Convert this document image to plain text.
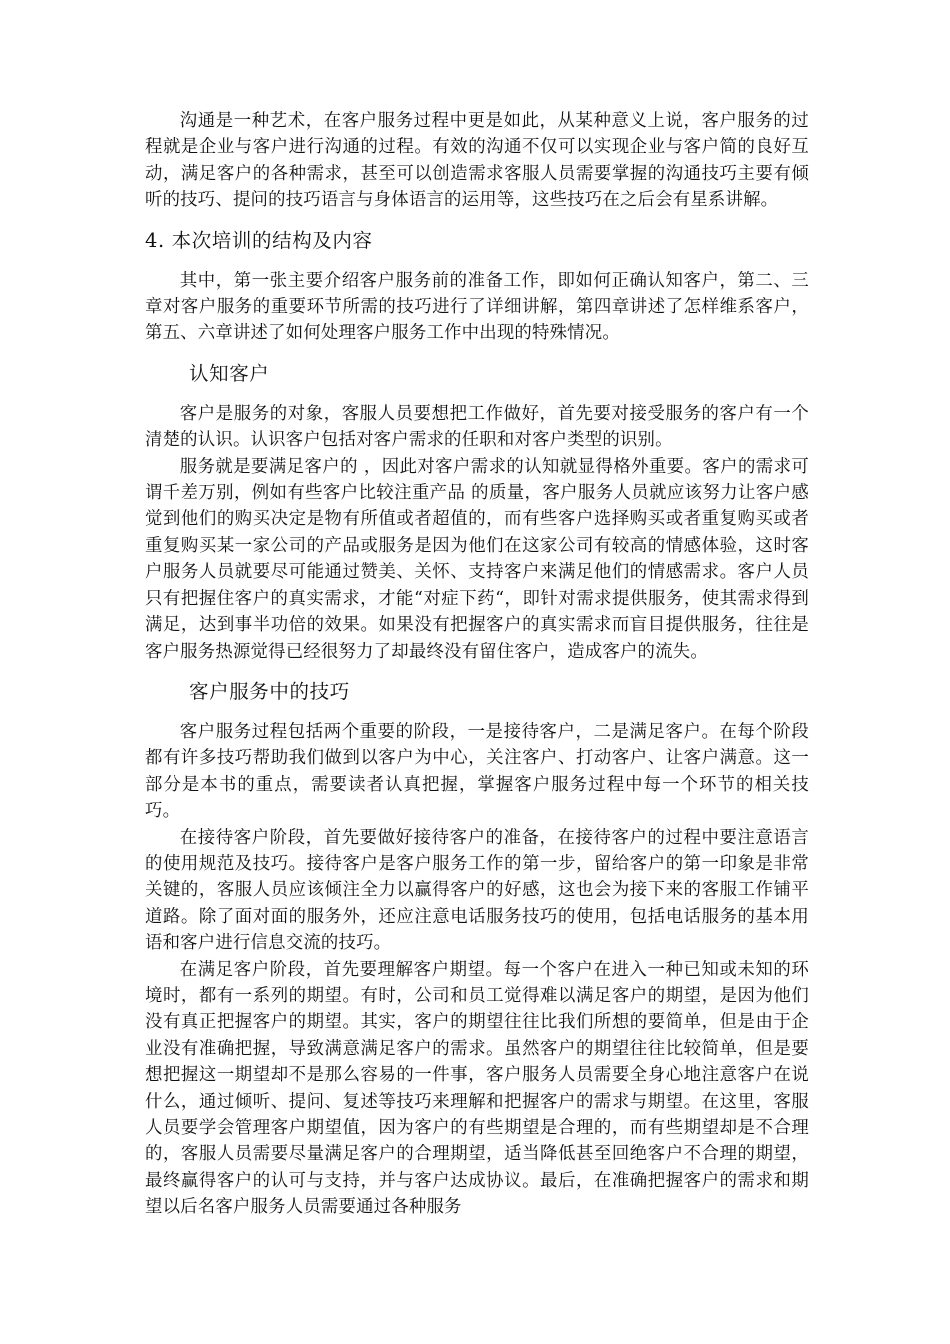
沟通是一种艺术，在客户服务过程中更是如此，从某种意义上说，客户服务的过程就是企业与客户进行沟通的过程。有效的沟通不仅可以实现企业与客户简的良好互动，满足客户的各种需求，甚至可以创造需求客服人员需要掌握的沟通技巧主要有倾听的技巧、提问的技巧语言与身体语言的运用等，这些技巧在之后会有星系讲解。

4. 本次培训的结构及内容

其中，第一张主要介绍客户服务前的准备工作，即如何正确认知客户，第二、三章对客户服务的重要环节所需的技巧进行了详细讲解，第四章讲述了怎样维系客户，第五、六章讲述了如何处理客户服务工作中出现的特殊情况。

认知客户

客户是服务的对象，客服人员要想把工作做好，首先要对接受服务的客户有一个清楚的认识。认识客户包括对客户需求的任职和对客户类型的识别。

服务就是要满足客户的 ，因此对客户需求的认知就显得格外重要。客户的需求可谓千差万别，例如有些客户比较注重产品 的质量，客户服务人员就应该努力让客户感觉到他们的购买决定是物有所值或者超值的，而有些客户选择购买或者重复购买或者重复购买某一家公司的产品或服务是因为他们在这家公司有较高的情感体验，这时客户服务人员就要尽可能通过赞美、关怀、支持客户来满足他们的情感需求。客户人员只有把握住客户的真实需求，才能“对症下药“，即针对需求提供服务，使其需求得到满足，达到事半功倍的效果。如果没有把握客户的真实需求而盲目提供服务，往往是客户服务热源觉得已经很努力了却最终没有留住客户，造成客户的流失。

客户服务中的技巧

客户服务过程包括两个重要的阶段，一是接待客户，二是满足客户。在每个阶段都有许多技巧帮助我们做到以客户为中心，关注客户、打动客户、让客户满意。这一部分是本书的重点，需要读者认真把握，掌握客户服务过程中每一个环节的相关技巧。

在接待客户阶段，首先要做好接待客户的准备，在接待客户的过程中要注意语言的使用规范及技巧。接待客户是客户服务工作的第一步，留给客户的第一印象是非常关键的，客服人员应该倾注全力以赢得客户的好感，这也会为接下来的客服工作铺平道路。除了面对面的服务外，还应注意电话服务技巧的使用，包括电话服务的基本用语和客户进行信息交流的技巧。

在满足客户阶段，首先要理解客户期望。每一个客户在进入一种已知或未知的环境时，都有一系列的期望。有时，公司和员工觉得难以满足客户的期望，是因为他们没有真正把握客户的期望。其实，客户的期望往往比我们所想的要简单，但是由于企业没有准确把握，导致满意满足客户的需求。虽然客户的期望往往比较简单，但是要想把握这一期望却不是那么容易的一件事，客户服务人员需要全身心地注意客户在说什么，通过倾听、提问、复述等技巧来理解和把握客户的需求与期望。在这里，客服人员要学会管理客户期望值，因为客户的有些期望是合理的，而有些期望却是不合理的，客服人员需要尽量满足客户的合理期望，适当降低甚至回绝客户不合理的期望，最终赢得客户的认可与支持，并与客户达成协议。最后，在准确把握客户的需求和期望以后名客户服务人员需要通过各种服务
